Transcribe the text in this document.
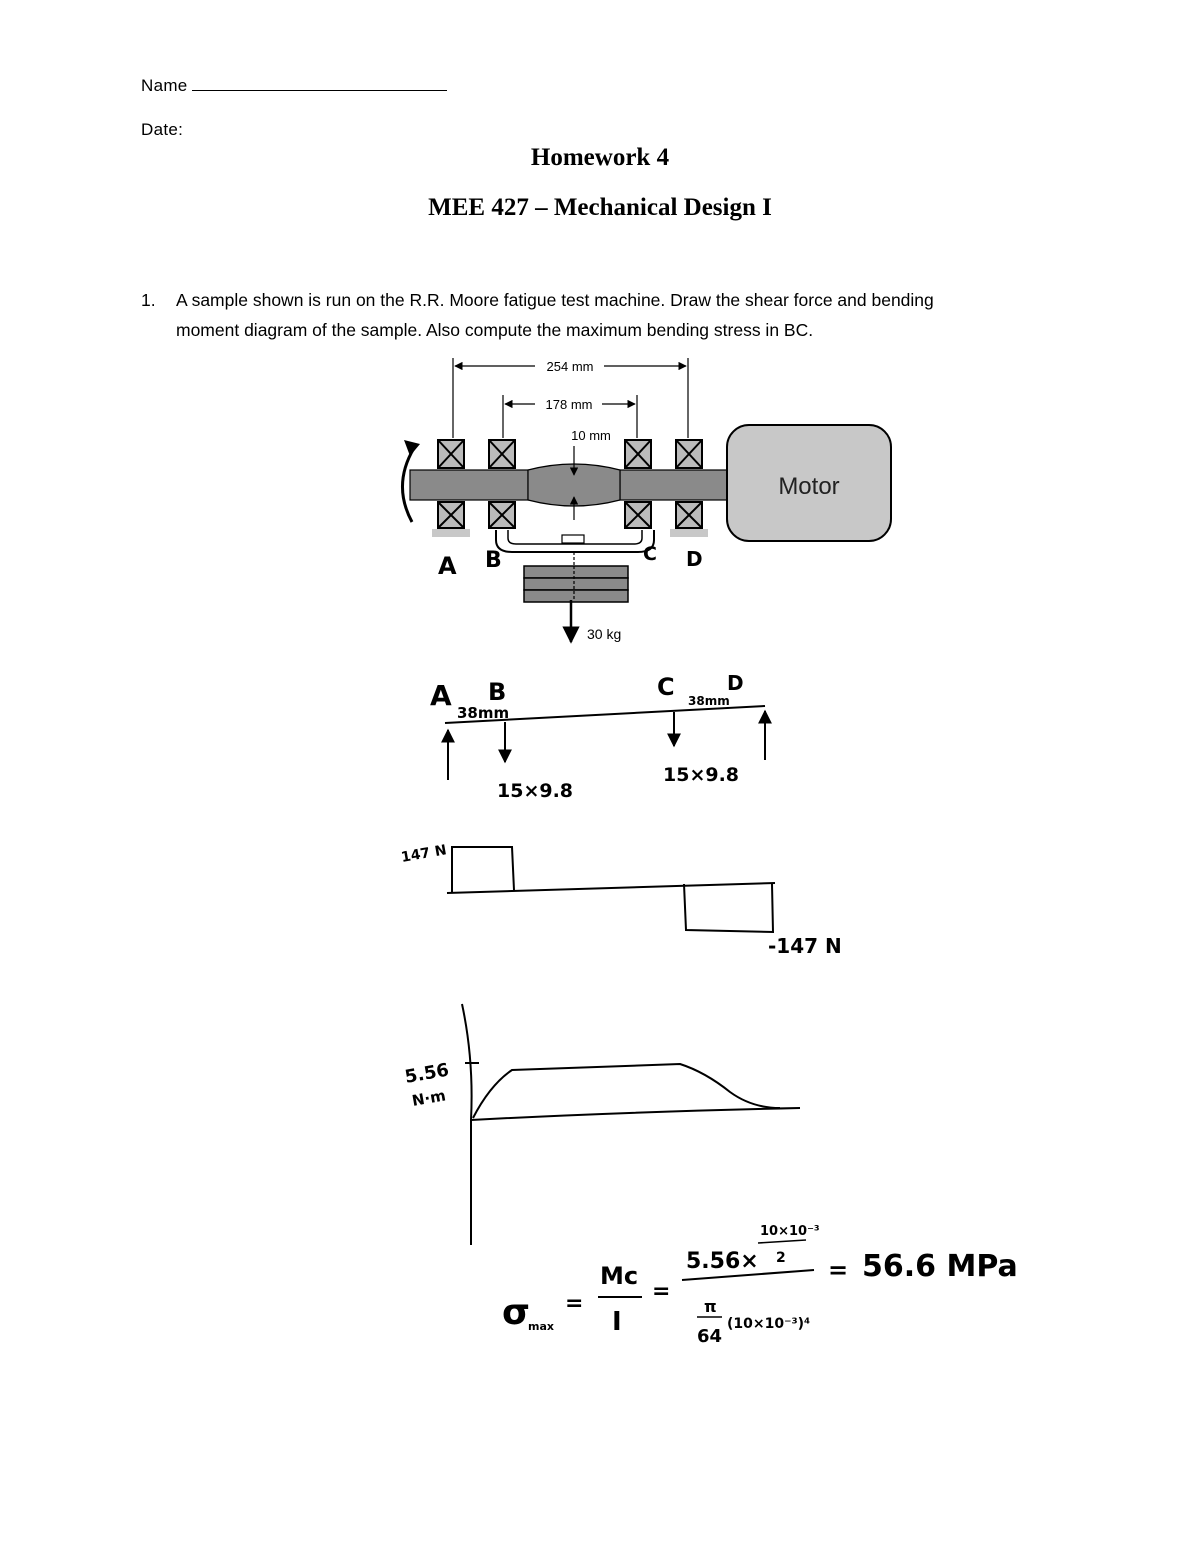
Name
Date:
Homework 4
MEE 427 – Mechanical Design I
1. A sample shown is run on the R.R. Moore fatigue test machine. Draw the shear force and bending
moment diagram of the sample. Also compute the maximum bending stress in BC.
254 mm
178 mm
10 mm
Motor
30 kg
A B	C D
A B	C	D
38mm
38mm
15×9.8
15×9.8
147 N
-147 N
5.56
N·m
σ
max
=
Mc
I
=
5.56×
10×10⁻³
2
π
64
(10×10⁻³)⁴
= 56.6 MPa
